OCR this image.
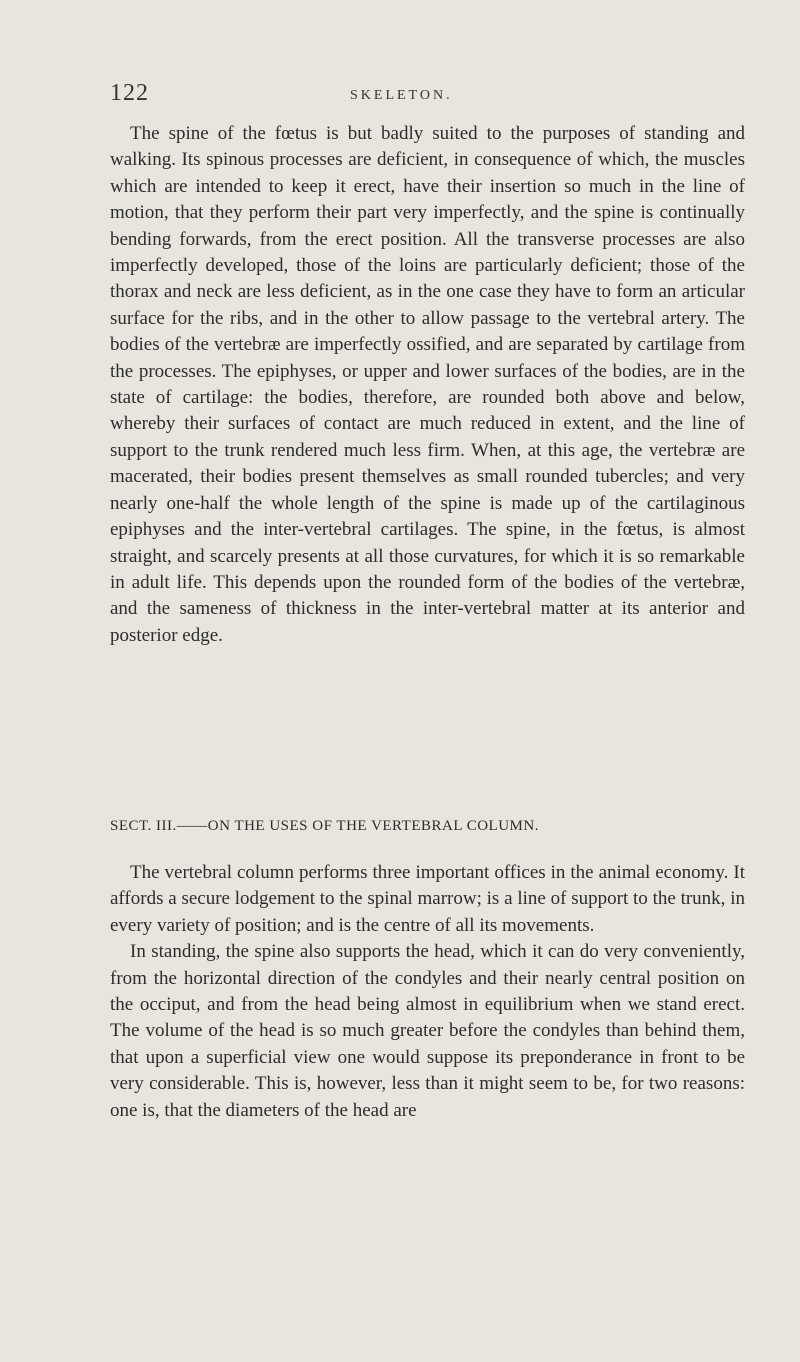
122	SKELETON.

The spine of the fœtus is but badly suited to the purposes of standing and walking. Its spinous processes are deficient, in consequence of which, the muscles which are intended to keep it erect, have their insertion so much in the line of motion, that they perform their part very imperfectly, and the spine is continually bending forwards, from the erect position. All the transverse processes are also imperfectly developed, those of the loins are particularly deficient; those of the thorax and neck are less deficient, as in the one case they have to form an articular surface for the ribs, and in the other to allow passage to the vertebral artery. The bodies of the vertebræ are imperfectly ossified, and are separated by cartilage from the processes. The epiphyses, or upper and lower surfaces of the bodies, are in the state of cartilage: the bodies, therefore, are rounded both above and below, whereby their surfaces of contact are much reduced in extent, and the line of support to the trunk rendered much less firm. When, at this age, the vertebræ are macerated, their bodies present themselves as small rounded tubercles; and very nearly one-half the whole length of the spine is made up of the cartilaginous epiphyses and the inter-vertebral cartilages. The spine, in the fœtus, is almost straight, and scarcely presents at all those curvatures, for which it is so remarkable in adult life. This depends upon the rounded form of the bodies of the vertebræ, and the sameness of thickness in the inter-vertebral matter at its anterior and posterior edge.

SECT. III.——ON THE USES OF THE VERTEBRAL COLUMN.

The vertebral column performs three important offices in the animal economy. It affords a secure lodgement to the spinal marrow; is a line of support to the trunk, in every variety of position; and is the centre of all its movements.

In standing, the spine also supports the head, which it can do very conveniently, from the horizontal direction of the condyles and their nearly central position on the occiput, and from the head being almost in equilibrium when we stand erect. The volume of the head is so much greater before the condyles than behind them, that upon a superficial view one would suppose its preponderance in front to be very considerable. This is, however, less than it might seem to be, for two reasons: one is, that the diameters of the head are
